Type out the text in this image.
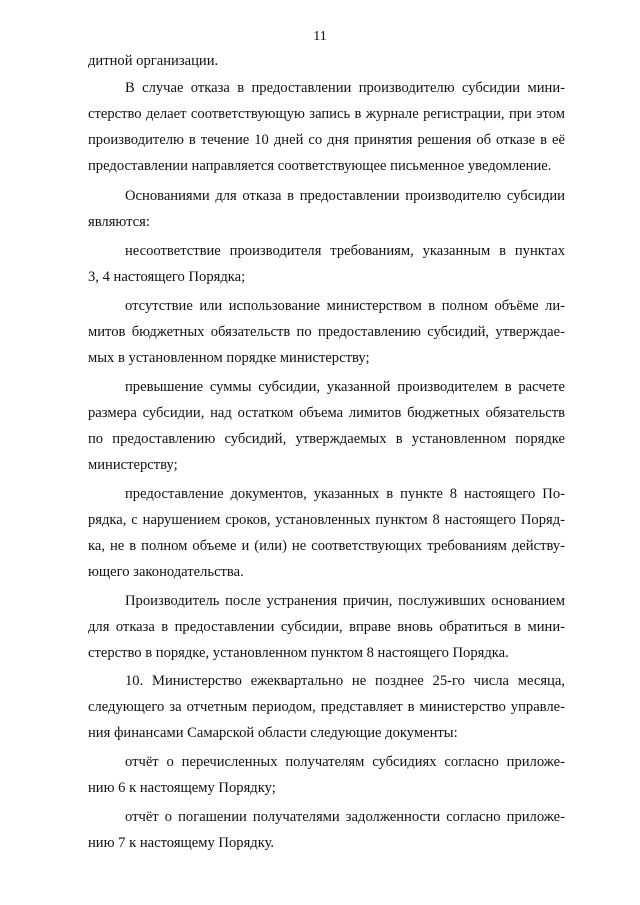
11
дитной организации.
В случае отказа в предоставлении производителю субсидии мини-
стерство делает соответствующую запись в журнале регистрации, при этом
производителю в течение 10 дней со дня принятия решения об отказе в её
предоставлении направляется соответствующее письменное уведомление.
Основаниями для отказа в предоставлении производителю субсидии
являются:
несоответствие производителя требованиям, указанным в пунктах
3, 4 настоящего Порядка;
отсутствие или использование министерством в полном объёме ли-
митов бюджетных обязательств по предоставлению субсидий, утверждае-
мых в установленном порядке министерству;
превышение суммы субсидии, указанной производителем в расчете
размера субсидии, над остатком объема лимитов бюджетных обязательств
по предоставлению субсидий, утверждаемых в установленном порядке
министерству;
предоставление документов, указанных в пункте 8 настоящего По-
рядка, с нарушением сроков, установленных пунктом 8 настоящего Поряд-
ка, не в полном объеме и (или) не соответствующих требованиям действу-
ющего законодательства.
Производитель после устранения причин, послуживших основанием
для отказа в предоставлении субсидии, вправе вновь обратиться в мини-
стерство в порядке, установленном пунктом 8 настоящего Порядка.
10. Министерство ежеквартально не позднее 25-го числа месяца,
следующего за отчетным периодом, представляет в министерство управле-
ния финансами Самарской области следующие документы:
отчёт о перечисленных получателям субсидиях согласно приложе-
нию 6 к настоящему Порядку;
отчёт о погашении получателями задолженности согласно приложе-
нию 7 к настоящему Порядку.
